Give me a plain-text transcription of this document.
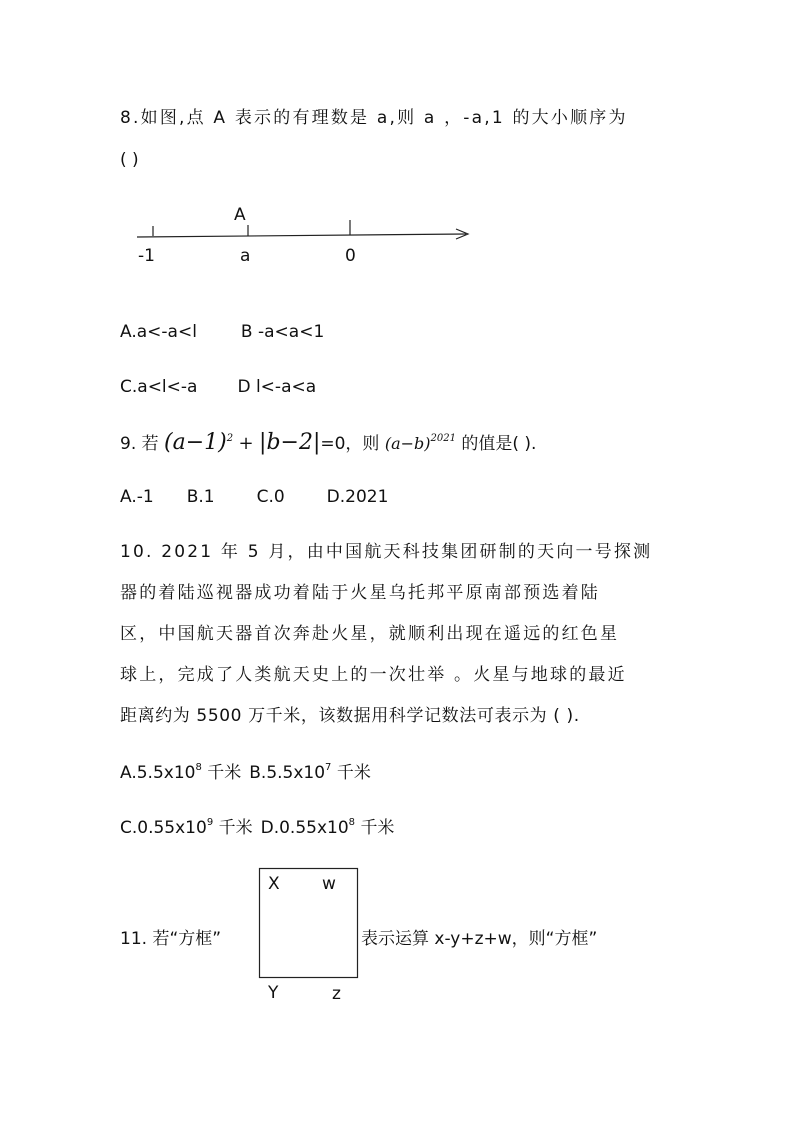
8.如图,点 A 表示的有理数是 a,则 a ，-a,1 的大小顺序为
( )
A
-1	a	0
A.a<-a<l	B -a<a<1
C.a<l<-a D l<-a<a
9. 若 $(a-1)^2 + |b-2|=0$，则 $(a-b)^{2021}$ 的值是( ).
A.-1 B.1 C.0 D.2021
10. 2021 年 5 月，由中国航天科技集团研制的天向一号探测
器的着陆巡视器成功着陆于火星乌托邦平原南部预选着陆
区，中国航天器首次奔赴火星，就顺利出现在遥远的红色星
球上，完成了人类航天史上的一次壮举 。火星与地球的最近
距离约为 5500 万千米，该数据用科学记数法可表示为 ( ).
$A.5.5x10^8$ 千米 $B.5.5x10^7$ 千米
$C.0.55x10^9$ 千米 $D.0.55x10^8$ 千米
11. 若“方框”	表示运算 x-y+z+w，则“方框”
X w
Y	z
